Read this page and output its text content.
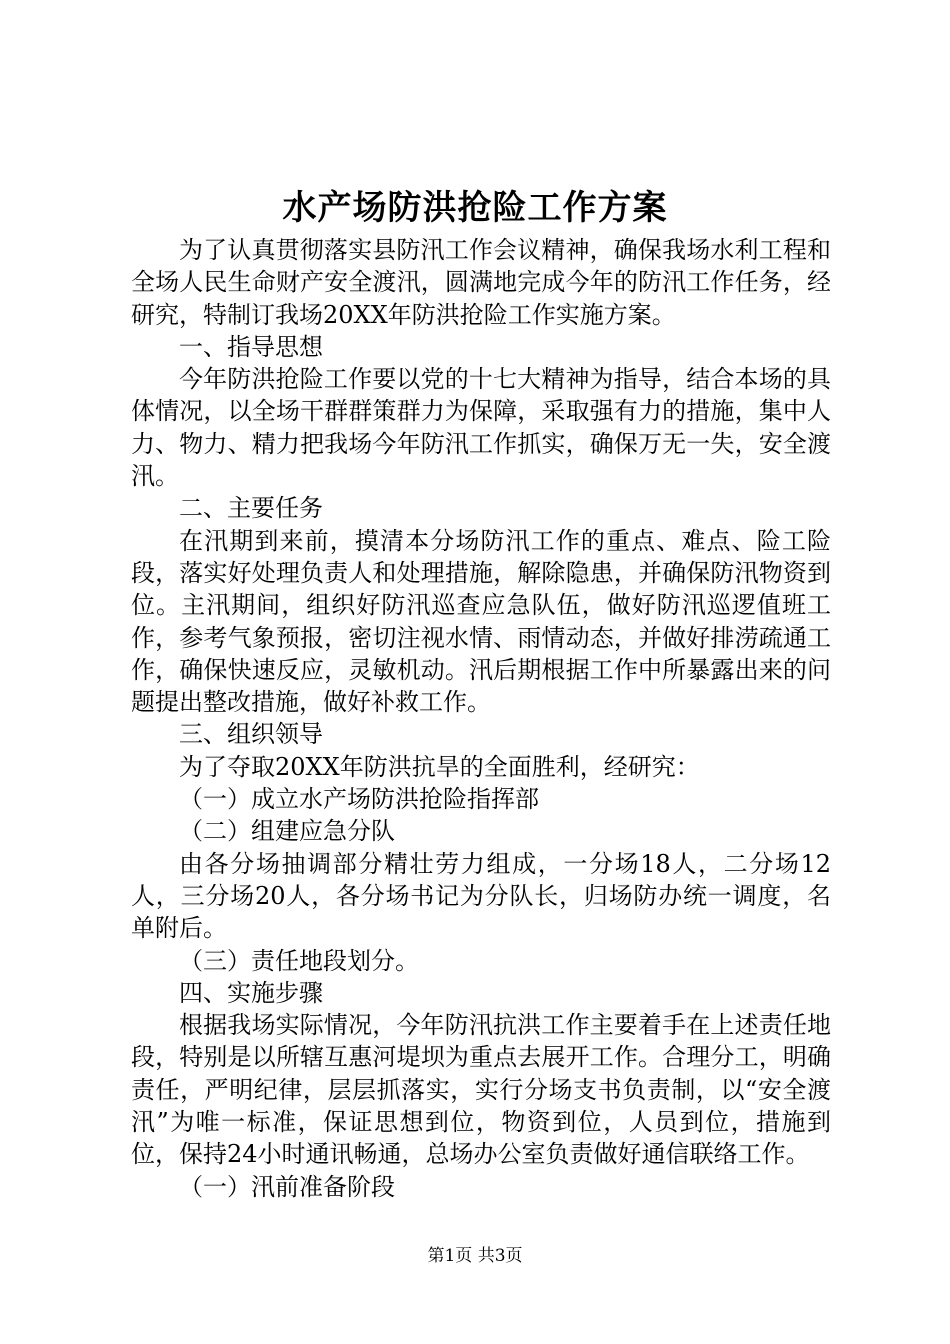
水产场防洪抢险工作方案

为了认真贯彻落实县防汛工作会议精神，确保我场水利工程和全场人民生命财产安全渡汛，圆满地完成今年的防汛工作任务，经研究，特制订我场20XX年防洪抢险工作实施方案。

一、指导思想

今年防洪抢险工作要以党的十七大精神为指导，结合本场的具体情况，以全场干群群策群力为保障，采取强有力的措施，集中人力、物力、精力把我场今年防汛工作抓实，确保万无一失，安全渡汛。

二、主要任务

在汛期到来前，摸清本分场防汛工作的重点、难点、险工险段，落实好处理负责人和处理措施，解除隐患，并确保防汛物资到位。主汛期间，组织好防汛巡查应急队伍，做好防汛巡逻值班工作，参考气象预报，密切注视水情、雨情动态，并做好排涝疏通工作，确保快速反应，灵敏机动。汛后期根据工作中所暴露出来的问题提出整改措施，做好补救工作。

三、组织领导

为了夺取20XX年防洪抗旱的全面胜利，经研究：

（一）成立水产场防洪抢险指挥部

（二）组建应急分队

由各分场抽调部分精壮劳力组成，一分场18人，二分场12人，三分场20人，各分场书记为分队长，归场防办统一调度，名单附后。

（三）责任地段划分。

四、实施步骤

根据我场实际情况，今年防汛抗洪工作主要着手在上述责任地段，特别是以所辖互惠河堤坝为重点去展开工作。合理分工，明确责任，严明纪律，层层抓落实，实行分场支书负责制，以“安全渡汛”为唯一标准，保证思想到位，物资到位，人员到位，措施到位，保持24小时通讯畅通，总场办公室负责做好通信联络工作。

（一）汛前准备阶段

第1页 共3页
